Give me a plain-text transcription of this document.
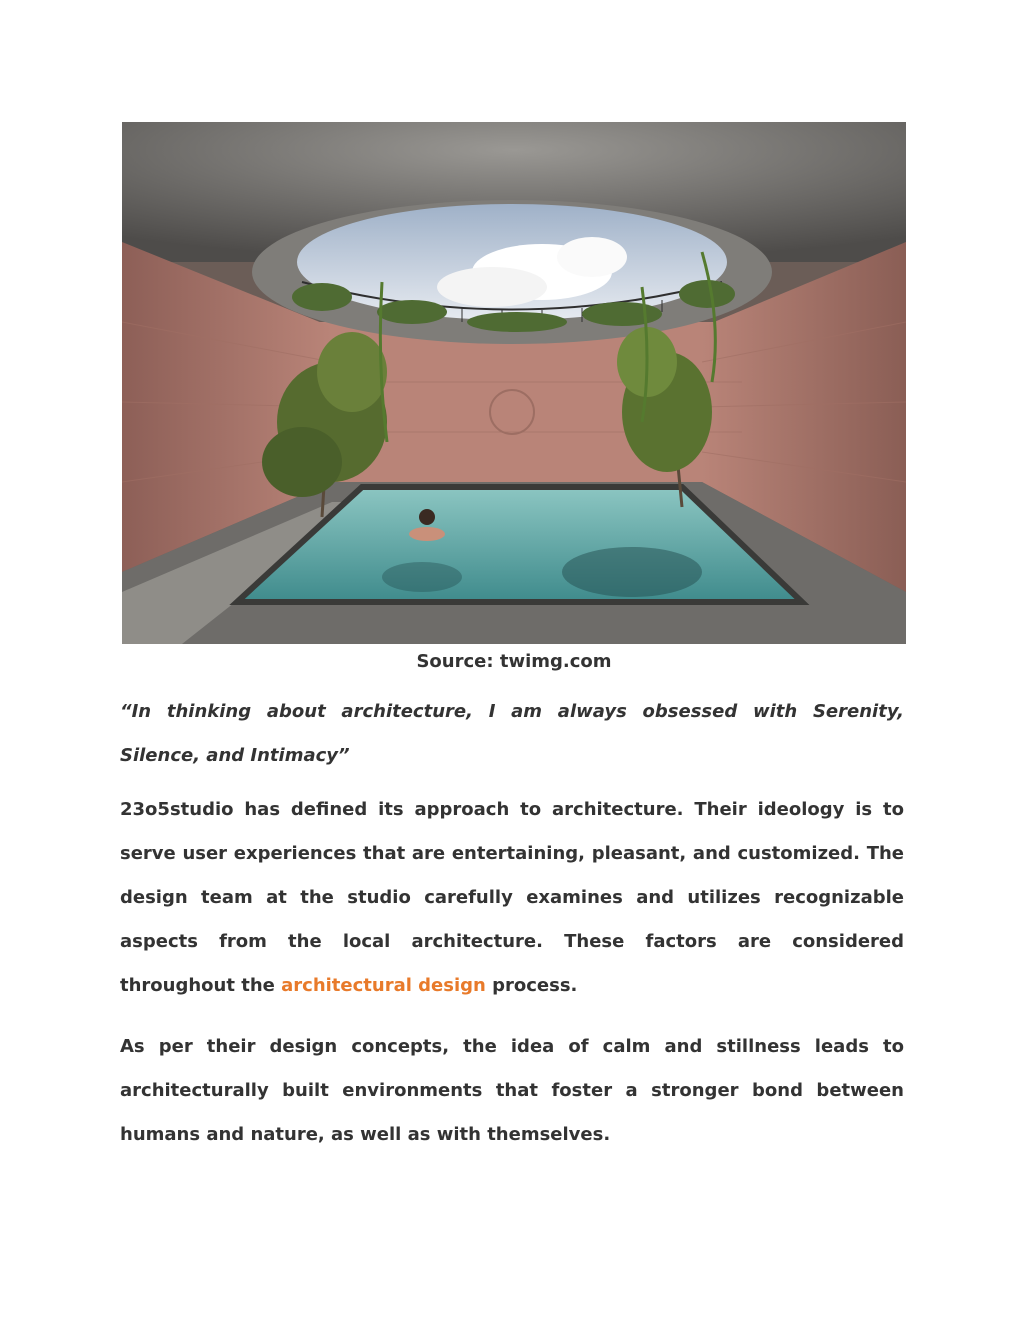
Source: twimg.com

“In thinking about architecture, I am always obsessed with Serenity, Silence, and Intimacy”

23o5studio has defined its approach to architecture. Their ideology is to serve user experiences that are entertaining, pleasant, and customized. The design team at the studio carefully examines and utilizes recognizable aspects from the local architecture. These factors are considered throughout the architectural design process.

As per their design concepts, the idea of calm and stillness leads to architecturally built environments that foster a stronger bond between humans and nature, as well as with themselves.
